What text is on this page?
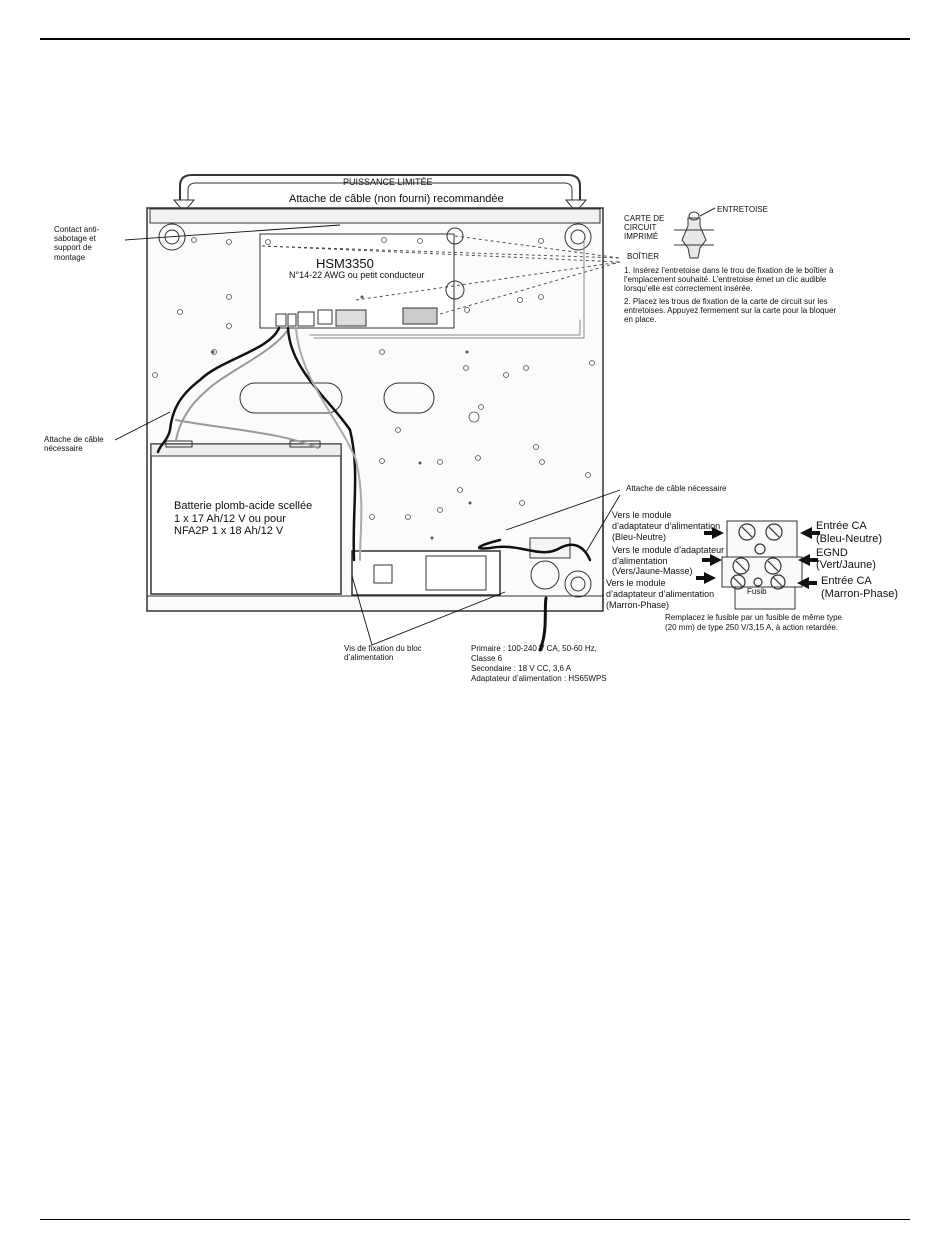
PUISSANCE LIMITÉE

Attache de câble (non fourni) recommandée

Contact anti-sabotage et support de montage	HSM3350

N°14-22 AWG ou petit conducteur

Attache de câble nécessaire

Batterie plomb-acide scellée

1 x 17 Ah/12 V ou pour

NFA2P 1 x 18 Ah/12 V

Vis de fixation du bloc d’alimentation

Primaire : 100-240 V CA, 50-60 Hz,

Classe 6

Secondaire : 18 V CC, 3,6 A

Adaptateur d’alimentation : HS65WPS

Attache de câble nécessaire

ENTRETOISE

CARTE DE

CIRCUIT

IMPRIMÉ

BOÎTIER

1. Insérez l’entretoise dans le trou de fixation de le boîtier à l’emplacement souhaité. L’entretoise émet un clic audible lorsqu’elle est correctement insérée.

2. Placez les trous de fixation de la carte de circuit sur les entretoises. Appuyez fermement sur la carte pour la bloquer en place.

Vers le module

d’adaptateur d’alimentation

(Bleu-Neutre)

Vers le module d’adaptateur

d’alimentation

(Vers/Jaune-Masse)

Vers le module

d’adaptateur d’alimentation

(Marron-Phase)

Entrée CA

(Bleu-Neutre)

EGND

(Vert/Jaune)

Entrée CA

(Marron-Phase)

Fusib

Remplacez le fusible par un fusible de même type

(20 mm) de type 250 V/3,15 A, à action retardée.
